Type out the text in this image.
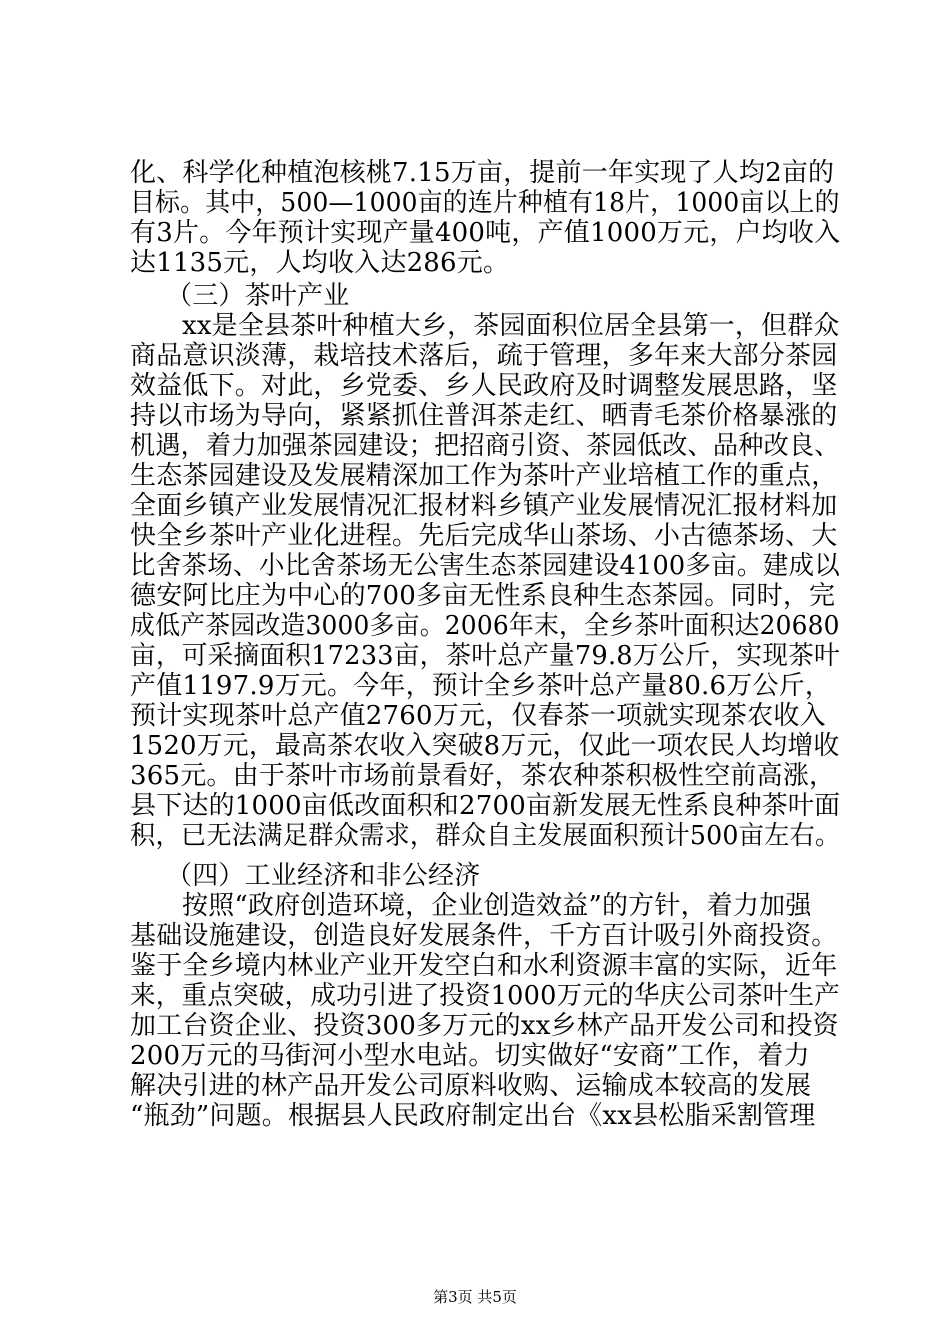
化、科学化种植泡核桃7.15万亩，提前一年实现了人均2亩的
目标。其中，500—1000亩的连片种植有18片，1000亩以上的
有3片。今年预计实现产量400吨，产值1000万元，户均收入
达1135元，人均收入达286元。
（三）茶叶产业
xx是全县茶叶种植大乡，茶园面积位居全县第一，但群众
商品意识淡薄，栽培技术落后，疏于管理，多年来大部分茶园
效益低下。对此，乡党委、乡人民政府及时调整发展思路，坚
持以市场为导向，紧紧抓住普洱茶走红、晒青毛茶价格暴涨的
机遇，着力加强茶园建设；把招商引资、茶园低改、品种改良、
生态茶园建设及发展精深加工作为茶叶产业培植工作的重点，
全面乡镇产业发展情况汇报材料乡镇产业发展情况汇报材料加
快全乡茶叶产业化进程。先后完成华山茶场、小古德茶场、大
比舍茶场、小比舍茶场无公害生态茶园建设4100多亩。建成以
德安阿比庄为中心的700多亩无性系良种生态茶园。同时，完
成低产茶园改造3000多亩。2006年末，全乡茶叶面积达20680
亩，可采摘面积17233亩，茶叶总产量79.8万公斤，实现茶叶
产值1197.9万元。今年，预计全乡茶叶总产量80.6万公斤，
预计实现茶叶总产值2760万元，仅春茶一项就实现茶农收入
1520万元，最高茶农收入突破8万元，仅此一项农民人均增收
365元。由于茶叶市场前景看好，茶农种茶积极性空前高涨，
县下达的1000亩低改面积和2700亩新发展无性系良种茶叶面
积，已无法满足群众需求，群众自主发展面积预计500亩左右。
（四）工业经济和非公经济
按照“政府创造环境，企业创造效益”的方针，着力加强
基础设施建设，创造良好发展条件，千方百计吸引外商投资。
鉴于全乡境内林业产业开发空白和水利资源丰富的实际，近年
来，重点突破，成功引进了投资1000万元的华庆公司茶叶生产
加工台资企业、投资300多万元的xx乡林产品开发公司和投资
200万元的马街河小型水电站。切实做好“安商”工作，着力
解决引进的林产品开发公司原料收购、运输成本较高的发展
“瓶劲”问题。根据县人民政府制定出台《xx县松脂采割管理
第3页 共5页
